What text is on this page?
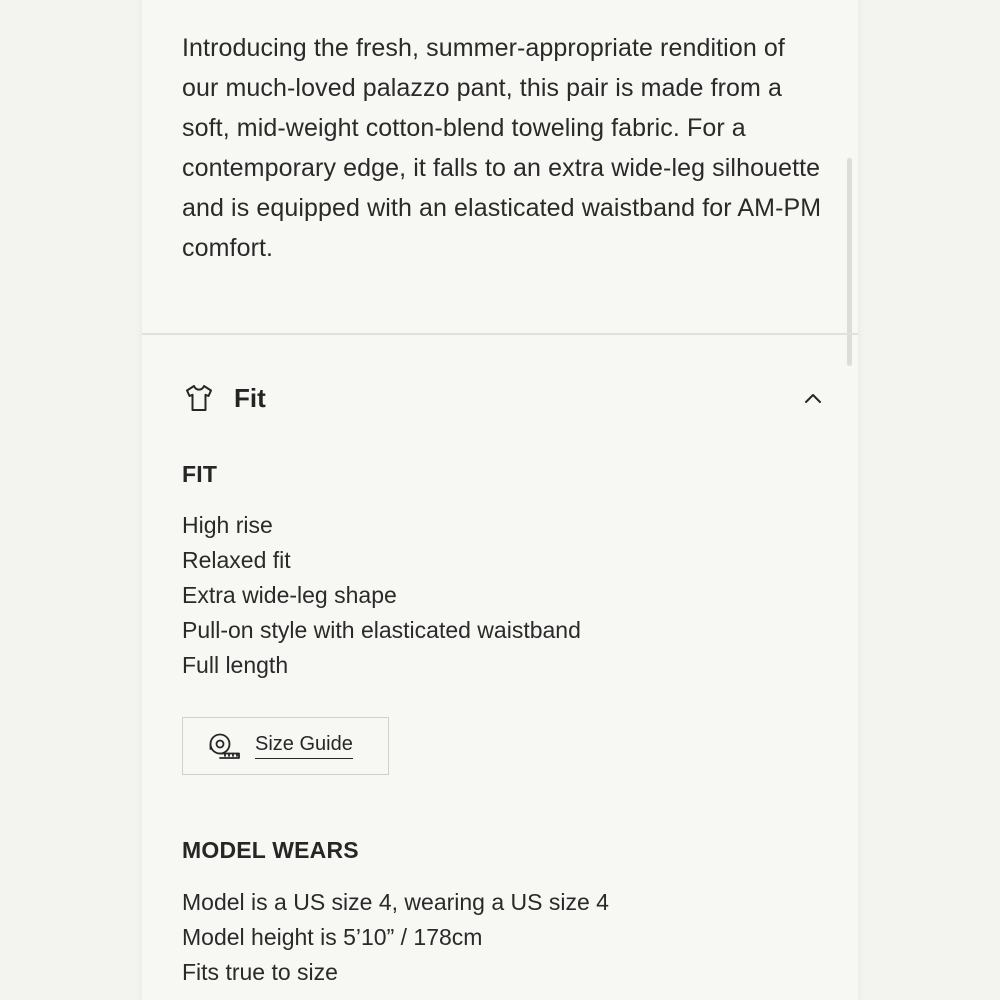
Introducing the fresh, summer-appropriate rendition of our much-loved palazzo pant, this pair is made from a soft, mid-weight cotton-blend toweling fabric. For a contemporary edge, it falls to an extra wide-leg silhouette and is equipped with an elasticated waistband for AM-PM comfort.

Fit
FIT
High rise
Relaxed fit
Extra wide-leg shape
Pull-on style with elasticated waistband
Full length
Size Guide
MODEL WEARS
Model is a US size 4, wearing a US size 4
Model height is 5’10” / 178cm
Fits true to size
